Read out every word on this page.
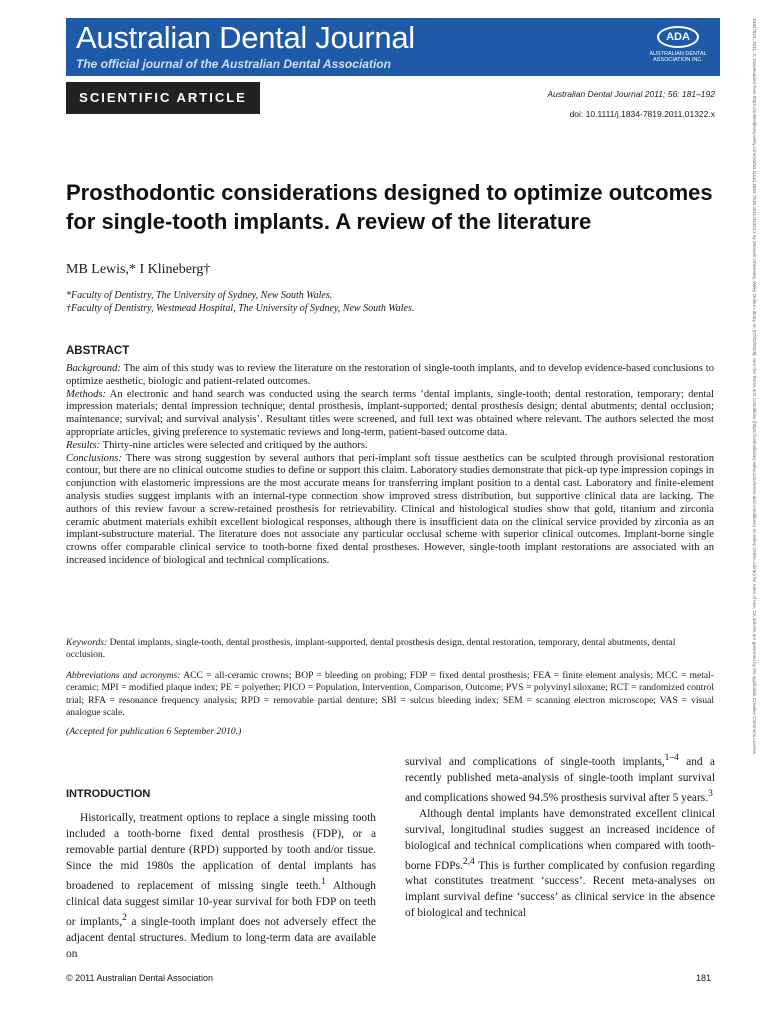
Australian Dental Journal
The official journal of the Australian Dental Association
ADA
AUSTRALIAN DENTAL ASSOCIATION INC.
SCIENTIFIC ARTICLE	Australian Dental Journal 2011; 56: 181–192
doi: 10.1111/j.1834-7819.2011.01322.x	18347819, 2011, 2, Downloaded from https://onlinelibrary.wiley.com/doi/10.1111/j.1834-7819.2011.01322.x by Monash University, Wiley Online Library on [07/02/2025]. See the Terms and Conditions (https://onlinelibrary.wiley.com/terms-and-conditions) on Wiley Online Library for rules of use; OA articles are governed by the applicable Creative Commons License
Prosthodontic considerations designed to optimize outcomes for single-tooth implants. A review of the literature
MB Lewis,* I Klineberg†
*Faculty of Dentistry, The University of Sydney, New South Wales.
†Faculty of Dentistry, Westmead Hospital, The University of Sydney, New South Wales.
ABSTRACT

Background: The aim of this study was to review the literature on the restoration of single-tooth implants, and to develop evidence-based conclusions to optimize aesthetic, biologic and patient-related outcomes.

Methods: An electronic and hand search was conducted using the search terms ‘dental implants, single-tooth; dental restoration, temporary; dental impression materials; dental impression technique; dental prosthesis, implant-supported; dental prosthesis design; dental abutments; dental occlusion; maintenance; survival; and survival analysis’. Resultant titles were screened, and full text was obtained where relevant. The authors selected the most appropriate articles, giving preference to systematic reviews and long-term, patient-based outcome data.

Results: Thirty-nine articles were selected and critiqued by the authors.

Conclusions: There was strong suggestion by several authors that peri-implant soft tissue aesthetics can be sculpted through provisional restoration contour, but there are no clinical outcome studies to define or support this claim. Laboratory studies demonstrate that pick-up type impression copings in conjunction with elastomeric impressions are the most accurate means for transferring implant position to a dental cast. Laboratory and finite-element analysis studies suggest implants with an internal-type connection show improved stress distribution, but supportive clinical data are lacking. The authors of this review favour a screw-retained prosthesis for retrievability. Clinical and histological studies show that gold, titanium and zirconia ceramic abutment materials exhibit excellent biological responses, although there is insufficient data on the clinical service provided by zirconia as an implant-substructure material. The literature does not associate any particular occlusal scheme with superior clinical outcomes. Implant-borne single crowns offer comparable clinical service to tooth-borne fixed dental prostheses. However, single-tooth implant restorations are associated with an increased incidence of biological and technical complications.

Keywords: Dental implants, single-tooth, dental prosthesis, implant-supported, dental prosthesis design, dental restoration, temporary, dental abutments, dental occlusion.
Abbreviations and acronyms: ACC = all-ceramic crowns; BOP = bleeding on probing; FDP = fixed dental prosthesis; FEA = finite element analysis; MCC = metal-ceramic; MPI = modified plaque index; PE = polyether; PICO = Population, Intervention, Comparison, Outcome; PVS = polyvinyl siloxane; RCT = randomized control trial; RFA = resonance frequency analysis; RPD = removable partial denture; SBI = sulcus bleeding index; SEM = scanning electron microscope; VAS = visual analogue scale.
(Accepted for publication 6 September 2010.)
INTRODUCTION

Historically, treatment options to replace a single missing tooth included a tooth-borne fixed dental prosthesis (FDP), or a removable partial denture (RPD) supported by tooth and/or tissue. Since the mid 1980s the application of dental implants has broadened to replacement of missing single teeth.$^1$ Although clinical data suggest similar 10-year survival for both FDP on teeth or implants,$^2$ a single-tooth implant does not adversely effect the adjacent dental structures. Medium to long-term data are available on

survival and complications of single-tooth implants,$^{1-4}$ and a recently published meta-analysis of single-tooth implant survival and complications showed 94.5% prosthesis survival after 5 years.$^3$

Although dental implants have demonstrated excellent clinical survival, longitudinal studies suggest an increased incidence of biological and technical complications when compared with tooth-borne FDPs.$^{2,4}$ This is further complicated by confusion regarding what constitutes treatment ‘success’. Recent meta-analyses on implant survival define ‘success’ as clinical service in the absence of biological and technical

© 2011 Australian Dental Association	181
